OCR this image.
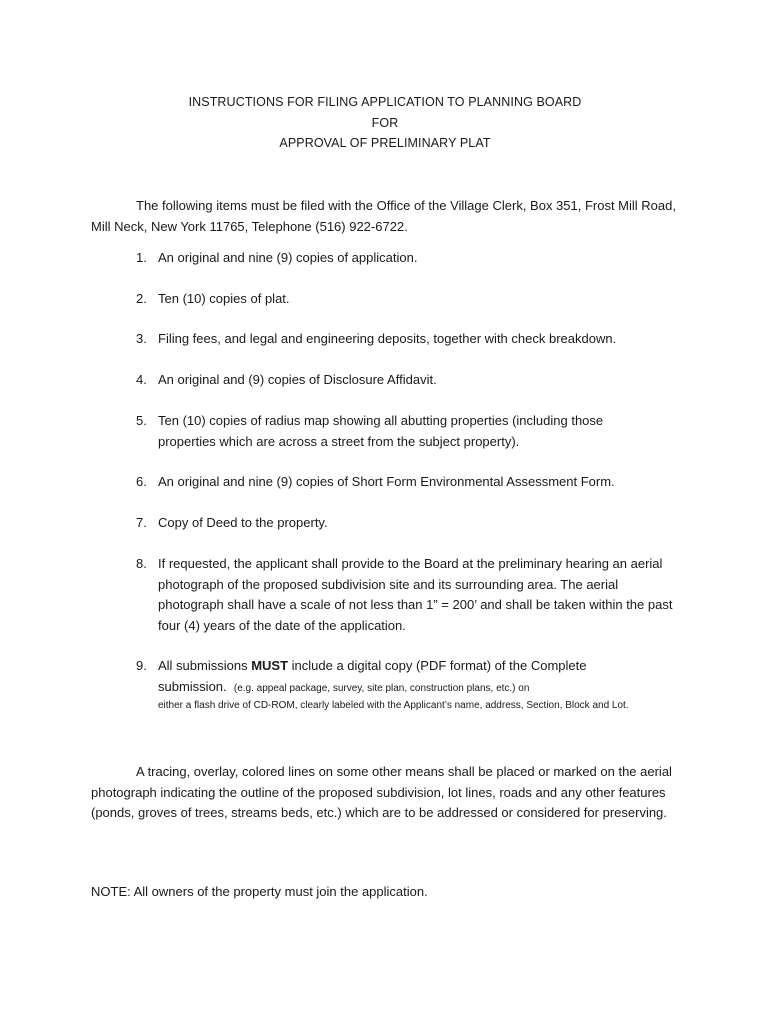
INSTRUCTIONS FOR FILING APPLICATION TO PLANNING BOARD
FOR
APPROVAL OF PRELIMINARY PLAT
The following items must be filed with the Office of the Village Clerk, Box 351, Frost Mill Road, Mill Neck, New York 11765, Telephone (516) 922-6722.
1. An original and nine (9) copies of application.
2. Ten (10) copies of plat.
3. Filing fees, and legal and engineering deposits, together with check breakdown.
4. An original and (9) copies of Disclosure Affidavit.
5. Ten (10) copies of radius map showing all abutting properties (including those properties which are across a street from the subject property).
6. An original and nine (9) copies of Short Form Environmental Assessment Form.
7. Copy of Deed to the property.
8. If requested, the applicant shall provide to the Board at the preliminary hearing an aerial photograph of the proposed subdivision site and its surrounding area. The aerial photograph shall have a scale of not less than 1” = 200’ and shall be taken within the past four (4) years of the date of the application.
9. All submissions MUST include a digital copy (PDF format) of the Complete submission. (e.g. appeal package, survey, site plan, construction plans, etc.) on
either a flash drive of CD-ROM, clearly labeled with the Applicant’s name, address, Section, Block and Lot.
A tracing, overlay, colored lines on some other means shall be placed or marked on the aerial photograph indicating the outline of the proposed subdivision, lot lines, roads and any other features (ponds, groves of trees, streams beds, etc.) which are to be addressed or considered for preserving.
NOTE: All owners of the property must join the application.
